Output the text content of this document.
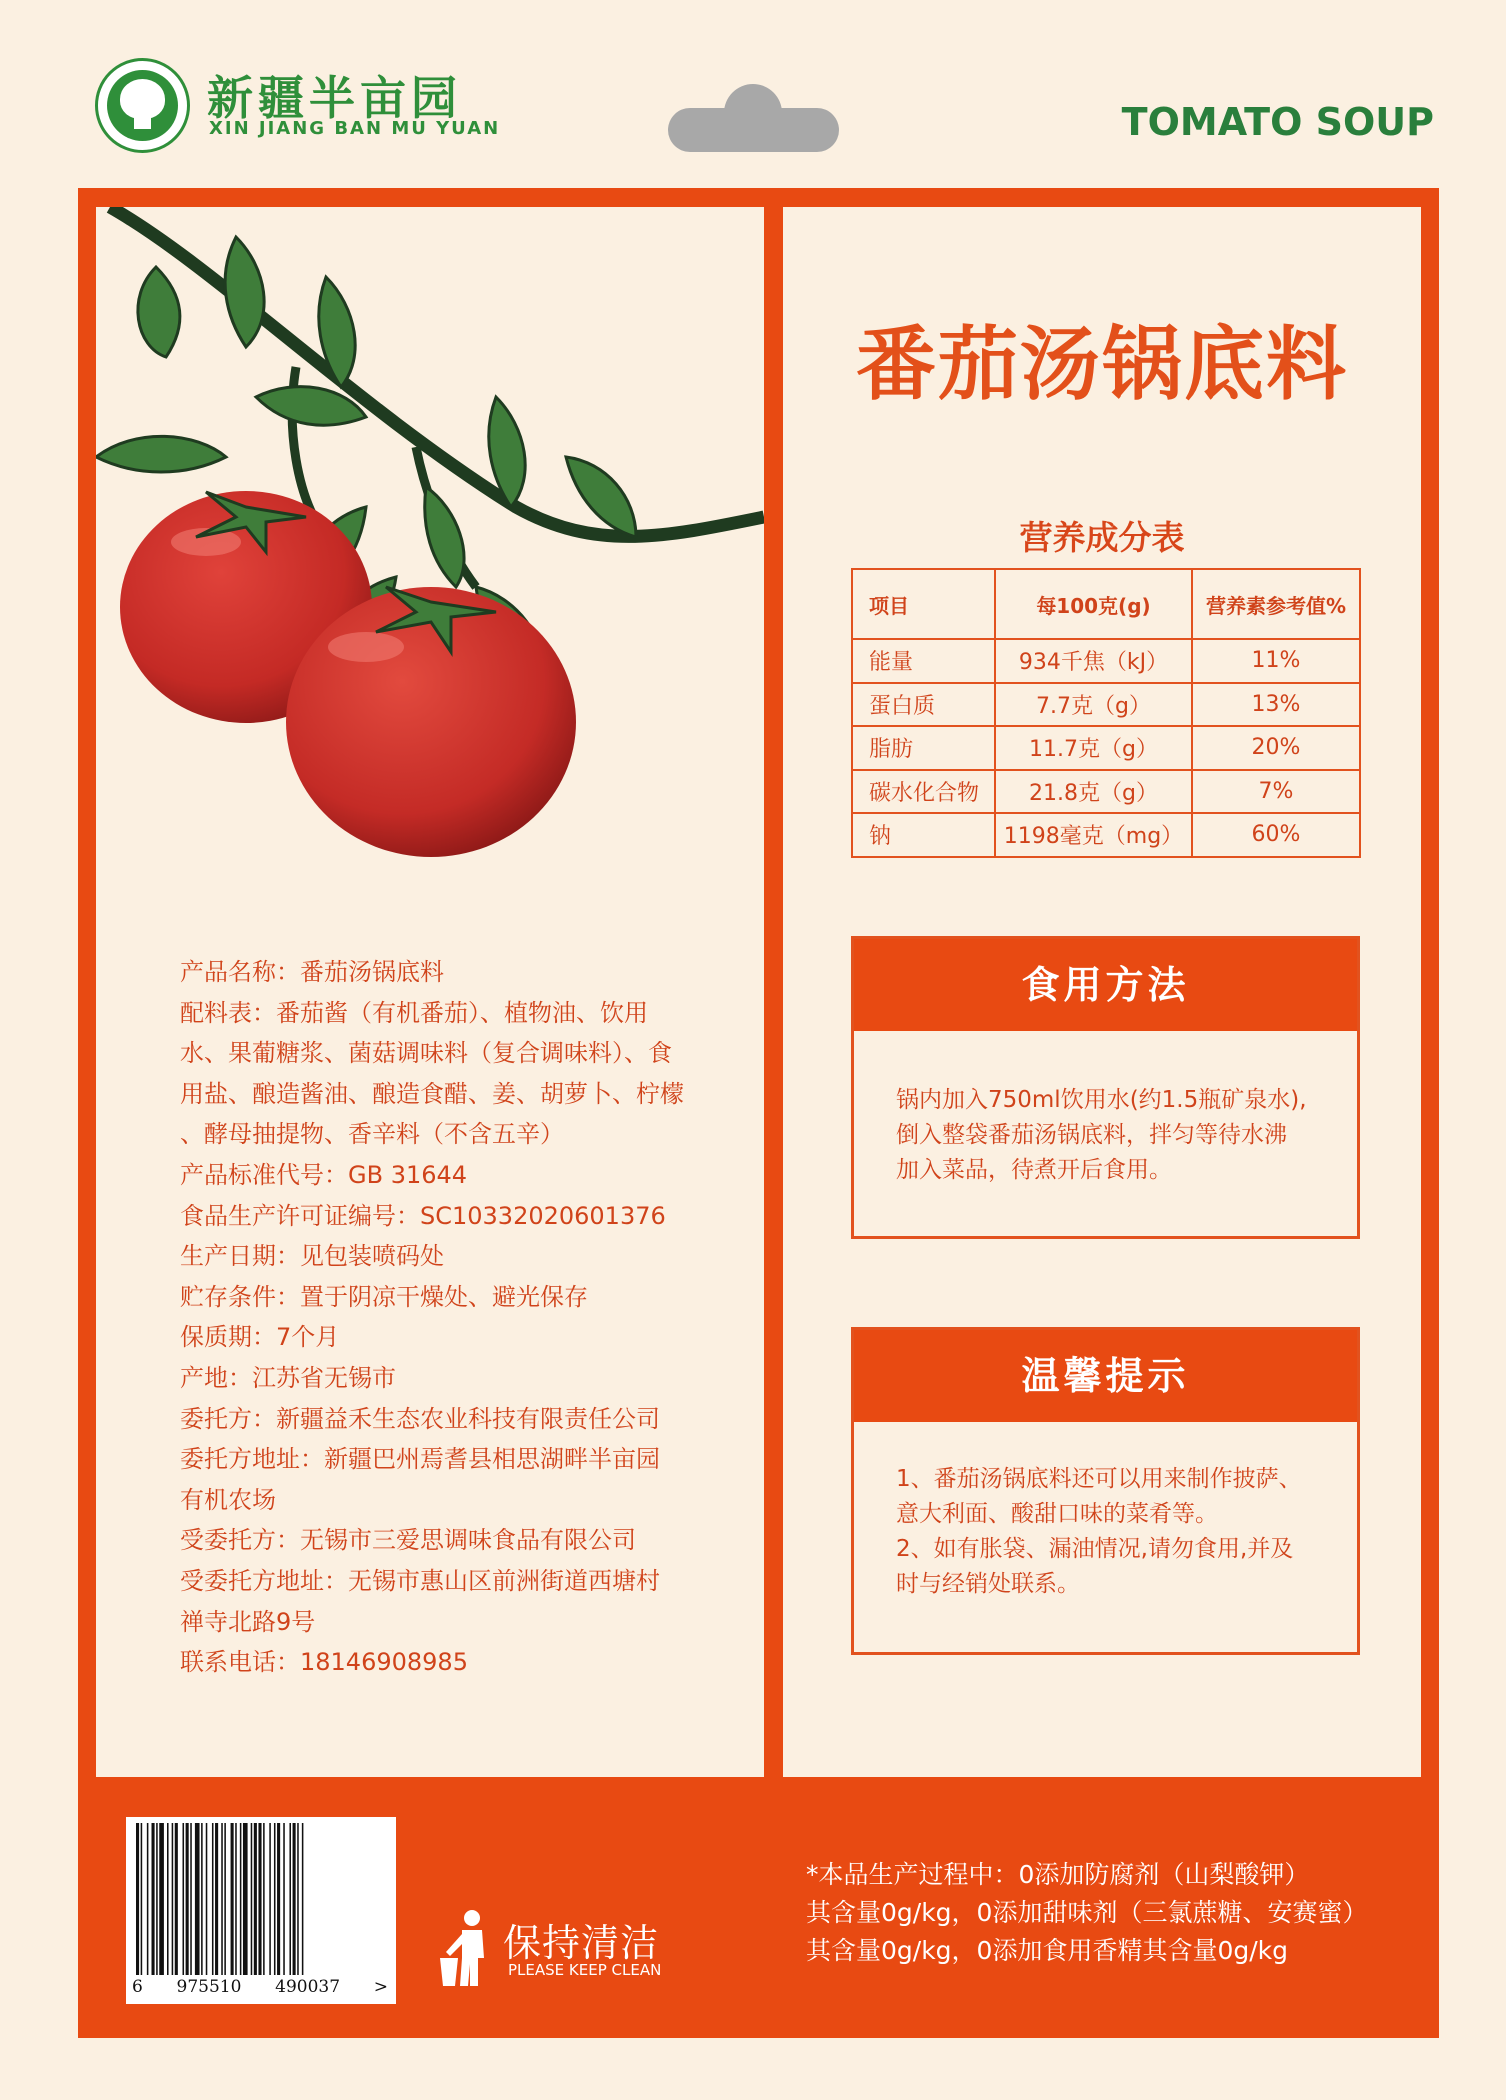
新疆半亩园
XIN JIANG BAN MU YUAN	TOMATO SOUP
产品名称：番茄汤锅底料
配料表：番茄酱（有机番茄）、植物油、饮用
水、果葡糖浆、菌菇调味料（复合调味料）、食
用盐、酿造酱油、酿造食醋、姜、胡萝卜、柠檬
、酵母抽提物、香辛料（不含五辛）
产品标准代号：GB 31644
食品生产许可证编号：SC10332020601376
生产日期：见包装喷码处
贮存条件：置于阴凉干燥处、避光保存
保质期：7个月
产地：江苏省无锡市
委托方：新疆益禾生态农业科技有限责任公司
委托方地址：新疆巴州焉耆县相思湖畔半亩园
有机农场
受委托方：无锡市三爱思调味食品有限公司
受委托方地址：无锡市惠山区前洲街道西塘村
禅寺北路9号
联系电话：18146908985
番茄汤锅底料
营养成分表
项目	每100克(g)	营养素参考值%
能量	934千焦（kJ）	11%
蛋白质	7.7克（g）	13%
脂肪	11.7克（g）	20%
碳水化合物	21.8克（g）	7%
钠	1198毫克（mg）	60%
食用方法
锅内加入750ml饮用水(约1.5瓶矿泉水),
倒入整袋番茄汤锅底料，拌匀等待水沸
加入菜品，待煮开后食用。
温馨提示
1、番茄汤锅底料还可以用来制作披萨、
意大利面、酸甜口味的菜肴等。
2、如有胀袋、漏油情况,请勿食用,并及
时与经销处联系。
6 975510 490037 >
保持清洁
PLEASE KEEP CLEAN
*本品生产过程中：0添加防腐剂（山梨酸钾）
其含量0g/kg，0添加甜味剂（三氯蔗糖、安赛蜜）
其含量0g/kg，0添加食用香精其含量0g/kg
